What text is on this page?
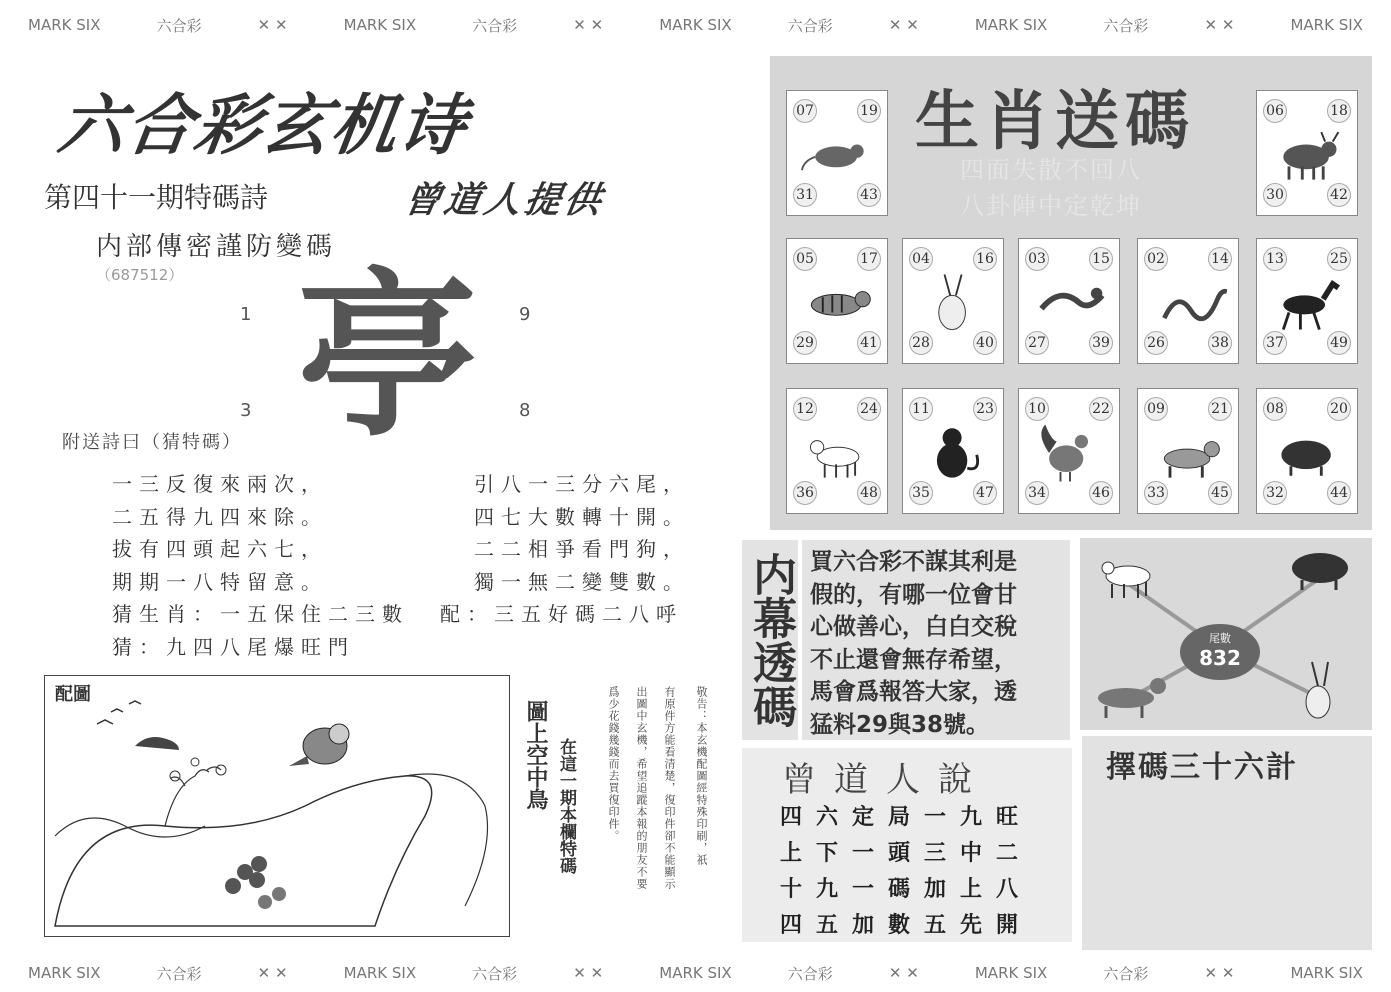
MARK SIX	六合彩	✕ ✕	MARK SIX	六合彩	✕ ✕	MARK SIX	六合彩	✕ ✕	MARK SIX	六合彩	✕ ✕	MARK SIX
MARK SIX	六合彩	✕ ✕	MARK SIX	六合彩	✕ ✕	MARK SIX	六合彩	✕ ✕	MARK SIX	六合彩	✕ ✕	MARK SIX
六合彩玄机诗
第四十一期特碼詩	曾道人提供
内部傳密謹防變碼
（687512）
1	9
3	8
亭
附送詩曰（猜特碼）
一三反復來兩次，
二五得九四來除。
拔有四頭起六七，
期期一八特留意。
猜生肖：一五保住二三數
猜：九四八尾爆旺門
引八一三分六尾，
四七大數轉十開。
二二相爭看門狗，
獨一無二變雙數。
配：三五好碼二八呼
配圖
圖上空中鳥 在這一期本欄特碼	敬告：本玄機配圖經特殊印刷，祇
有原件方能看清楚，復印件卻不能顯示
出圖中玄機，希望追蹤本報的朋友不要
爲少花錢幾錢而去買復印件。
生肖送碼
四面失散不回八
八卦陣中定乾坤
07	19
31	43
06	18
30	42
05	17
29	41
04	16
28	40
03	15
27	39
02	14
26	38
13	25
37	49
12	24
36	48
11	23
35	47
10	22
34	46
09	21
33	45
08	20
32	44
内幕透碼 買六合彩不謀其利是
假的，有哪一位會甘
心做善心，白白交稅
不止還會無存希望，
馬會爲報答大家，透
猛料29與38號。
尾數
832
曾道人說
四六定局一九旺
上下一頭三中二
十九一碼加上八
四五加數五先開
擇碼三十六計
